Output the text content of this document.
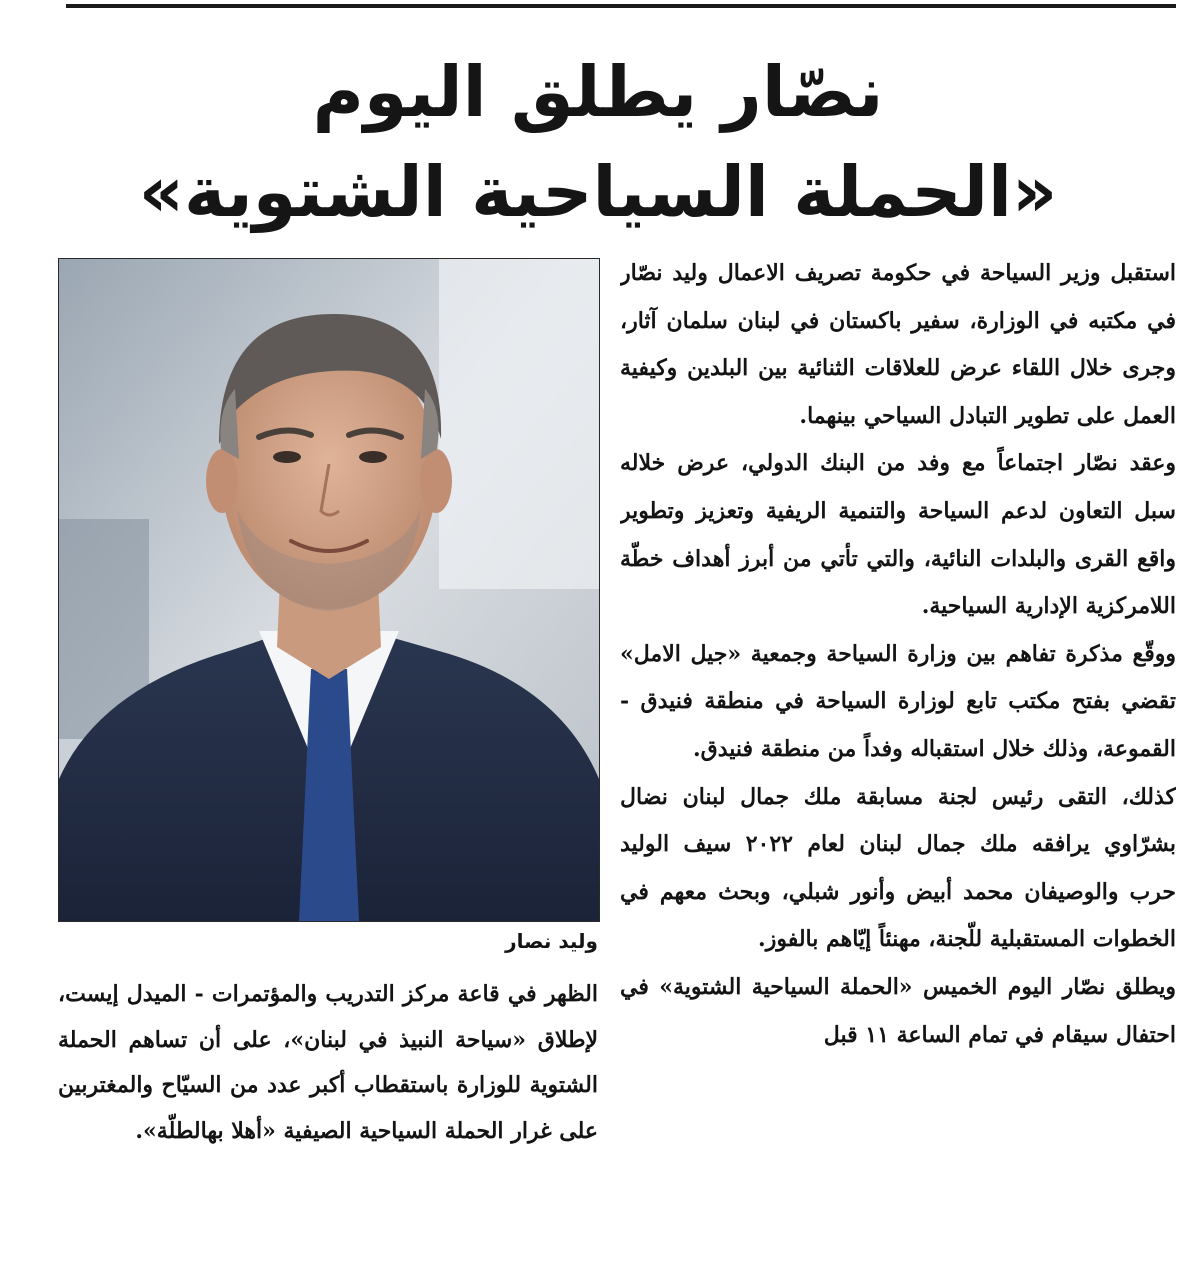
نصّار يطلق اليوم
«الحملة السياحية الشتوية»

استقبل وزير السياحة في حكومة تصريف الاعمال وليد نصّار في مكتبه في الوزارة، سفير باكستان في لبنان سلمان آثار، وجرى خلال اللقاء عرض للعلاقات الثنائية بين البلدين وكيفية العمل على تطوير التبادل السياحي بينهما.

وعقد نصّار اجتماعاً مع وفد من البنك الدولي، عرض خلاله سبل التعاون لدعم السياحة والتنمية الريفية وتعزيز وتطوير واقع القرى والبلدات النائية، والتي تأتي من أبرز أهداف خطّة اللامركزية الإدارية السياحية.

ووقّع مذكرة تفاهم بين وزارة السياحة وجمعية «جيل الامل» تقضي بفتح مكتب تابع لوزارة السياحة في منطقة فنيدق - القموعة، وذلك خلال استقباله وفداً من منطقة فنيدق.

كذلك، التقى رئيس لجنة مسابقة ملك جمال لبنان نضال بشرّاوي يرافقه ملك جمال لبنان لعام ٢٠٢٢ سيف الوليد حرب والوصيفان محمد أبيض وأنور شبلي، وبحث معهم في الخطوات المستقبلية للّجنة، مهنئاً إيّاهم بالفوز.

ويطلق نصّار اليوم الخميس «الحملة السياحية الشتوية» في احتفال سيقام في تمام الساعة ١١ قبل

وليد نصار

الظهر في قاعة مركز التدريب والمؤتمرات - الميدل إيست، لإطلاق «سياحة النبيذ في لبنان»، على أن تساهم الحملة الشتوية للوزارة باستقطاب أكبر عدد من السيّاح والمغتربين على غرار الحملة السياحية الصيفية «أهلا بهالطلّة».
